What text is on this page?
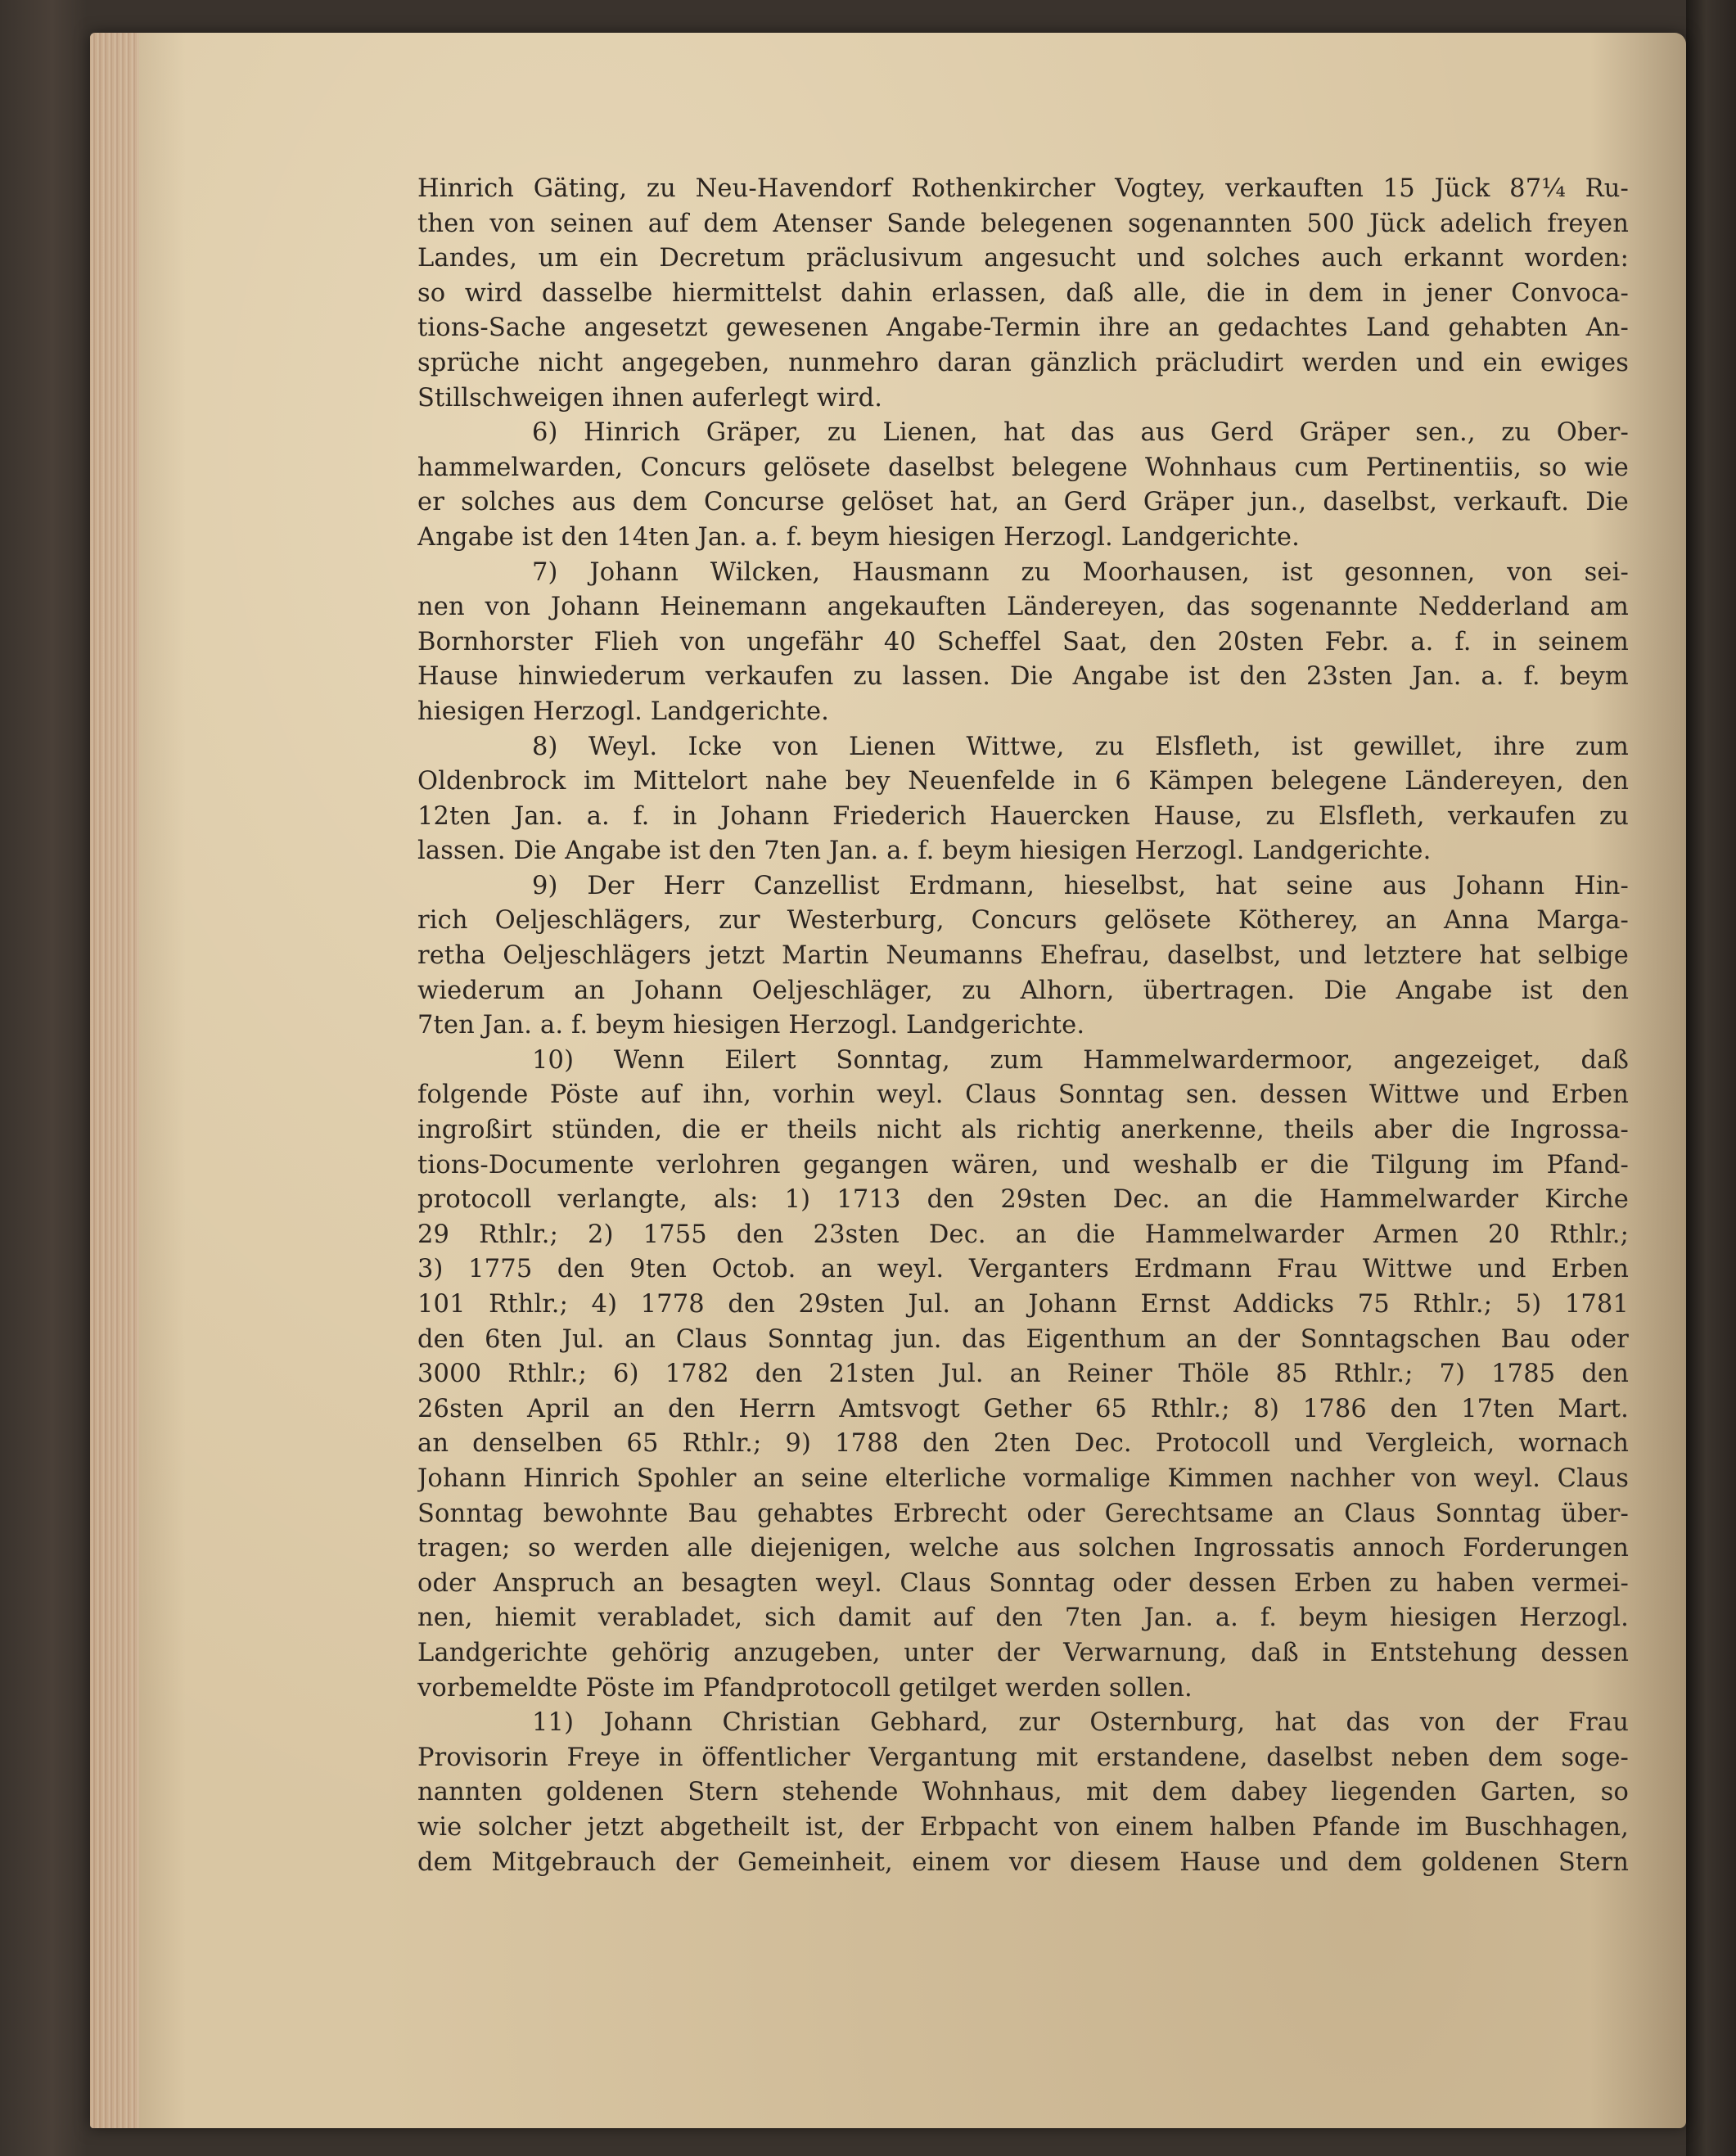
Hinrich Gäting, zu Neu-Havendorf Rothenkircher Vogtey, verkauften 15 Jück 87¼ Ru-
then von seinen auf dem Atenser Sande belegenen sogenannten 500 Jück adelich freyen
Landes, um ein Decretum präclusivum angesucht und solches auch erkannt worden:
so wird dasselbe hiermittelst dahin erlassen, daß alle, die in dem in jener Convoca-
tions-Sache angesetzt gewesenen Angabe-Termin ihre an gedachtes Land gehabten An-
sprüche nicht angegeben, nunmehro daran gänzlich präcludirt werden und ein ewiges
Stillschweigen ihnen auferlegt wird.
6) Hinrich Gräper, zu Lienen, hat das aus Gerd Gräper sen., zu Ober-
hammelwarden, Concurs gelösete daselbst belegene Wohnhaus cum Pertinentiis, so wie
er solches aus dem Concurse gelöset hat, an Gerd Gräper jun., daselbst, verkauft. Die
Angabe ist den 14ten Jan. a. f. beym hiesigen Herzogl. Landgerichte.
7) Johann Wilcken, Hausmann zu Moorhausen, ist gesonnen, von sei-
nen von Johann Heinemann angekauften Ländereyen, das sogenannte Nedderland am
Bornhorster Flieh von ungefähr 40 Scheffel Saat, den 20sten Febr. a. f. in seinem
Hause hinwiederum verkaufen zu lassen. Die Angabe ist den 23sten Jan. a. f. beym
hiesigen Herzogl. Landgerichte.
8) Weyl. Icke von Lienen Wittwe, zu Elsfleth, ist gewillet, ihre zum
Oldenbrock im Mittelort nahe bey Neuenfelde in 6 Kämpen belegene Ländereyen, den
12ten Jan. a. f. in Johann Friederich Hauercken Hause, zu Elsfleth, verkaufen zu
lassen. Die Angabe ist den 7ten Jan. a. f. beym hiesigen Herzogl. Landgerichte.
9) Der Herr Canzellist Erdmann, hieselbst, hat seine aus Johann Hin-
rich Oeljeschlägers, zur Westerburg, Concurs gelösete Kötherey, an Anna Marga-
retha Oeljeschlägers jetzt Martin Neumanns Ehefrau, daselbst, und letztere hat selbige
wiederum an Johann Oeljeschläger, zu Alhorn, übertragen. Die Angabe ist den
7ten Jan. a. f. beym hiesigen Herzogl. Landgerichte.
10) Wenn Eilert Sonntag, zum Hammelwardermoor, angezeiget, daß
folgende Pöste auf ihn, vorhin weyl. Claus Sonntag sen. dessen Wittwe und Erben
ingroßirt stünden, die er theils nicht als richtig anerkenne, theils aber die Ingrossa-
tions-Documente verlohren gegangen wären, und weshalb er die Tilgung im Pfand-
protocoll verlangte, als: 1) 1713 den 29sten Dec. an die Hammelwarder Kirche
29 Rthlr.; 2) 1755 den 23sten Dec. an die Hammelwarder Armen 20 Rthlr.;
3) 1775 den 9ten Octob. an weyl. Verganters Erdmann Frau Wittwe und Erben
101 Rthlr.; 4) 1778 den 29sten Jul. an Johann Ernst Addicks 75 Rthlr.; 5) 1781
den 6ten Jul. an Claus Sonntag jun. das Eigenthum an der Sonntagschen Bau oder
3000 Rthlr.; 6) 1782 den 21sten Jul. an Reiner Thöle 85 Rthlr.; 7) 1785 den
26sten April an den Herrn Amtsvogt Gether 65 Rthlr.; 8) 1786 den 17ten Mart.
an denselben 65 Rthlr.; 9) 1788 den 2ten Dec. Protocoll und Vergleich, wornach
Johann Hinrich Spohler an seine elterliche vormalige Kimmen nachher von weyl. Claus
Sonntag bewohnte Bau gehabtes Erbrecht oder Gerechtsame an Claus Sonntag über-
tragen; so werden alle diejenigen, welche aus solchen Ingrossatis annoch Forderungen
oder Anspruch an besagten weyl. Claus Sonntag oder dessen Erben zu haben vermei-
nen, hiemit verabladet, sich damit auf den 7ten Jan. a. f. beym hiesigen Herzogl.
Landgerichte gehörig anzugeben, unter der Verwarnung, daß in Entstehung dessen
vorbemeldte Pöste im Pfandprotocoll getilget werden sollen.
11) Johann Christian Gebhard, zur Osternburg, hat das von der Frau
Provisorin Freye in öffentlicher Vergantung mit erstandene, daselbst neben dem soge-
nannten goldenen Stern stehende Wohnhaus, mit dem dabey liegenden Garten, so
wie solcher jetzt abgetheilt ist, der Erbpacht von einem halben Pfande im Buschhagen,
dem Mitgebrauch der Gemeinheit, einem vor diesem Hause und dem goldenen Stern
